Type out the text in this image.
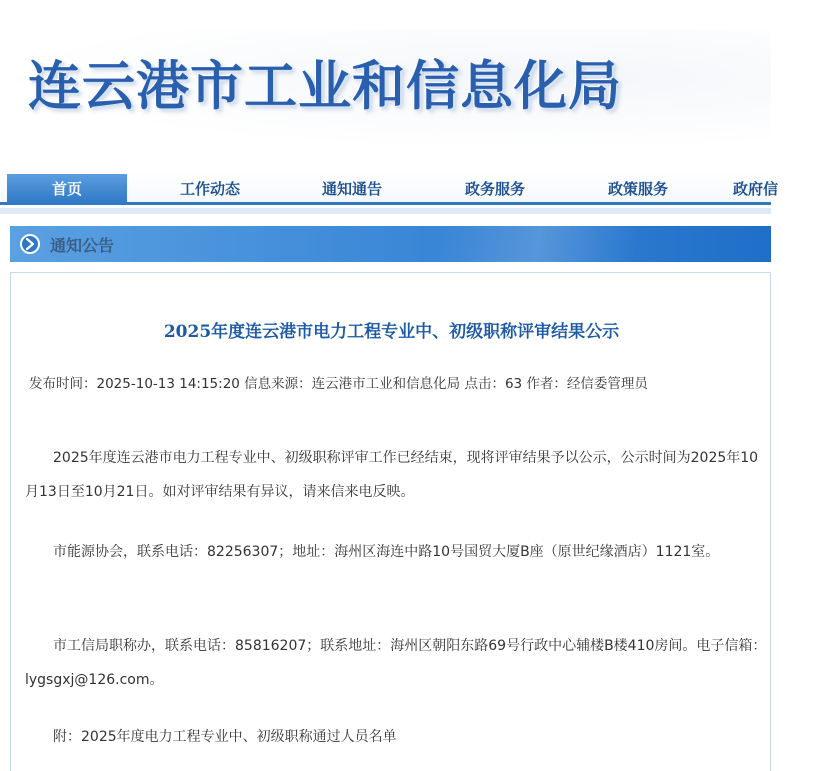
连云港市工业和信息化局
首页	工作动态	通知通告	政务服务	政策服务	政府信
通知公告
2025年度连云港市电力工程专业中、初级职称评审结果公示
发布时间：2025-10-13 14:15:20 信息来源：连云港市工业和信息化局 点击：63 作者：经信委管理员
2025年度连云港市电力工程专业中、初级职称评审工作已经结束，现将评审结果予以公示，公示时间为2025年10月13日至10月21日。如对评审结果有异议，请来信来电反映。
市能源协会，联系电话：82256307；地址：海州区海连中路10号国贸大厦B座（原世纪缘酒店）1121室。
市工信局职称办，联系电话：85816207；联系地址：海州区朝阳东路69号行政中心辅楼B楼410房间。电子信箱：lygsgxj@126.com。
附：2025年度电力工程专业中、初级职称通过人员名单
